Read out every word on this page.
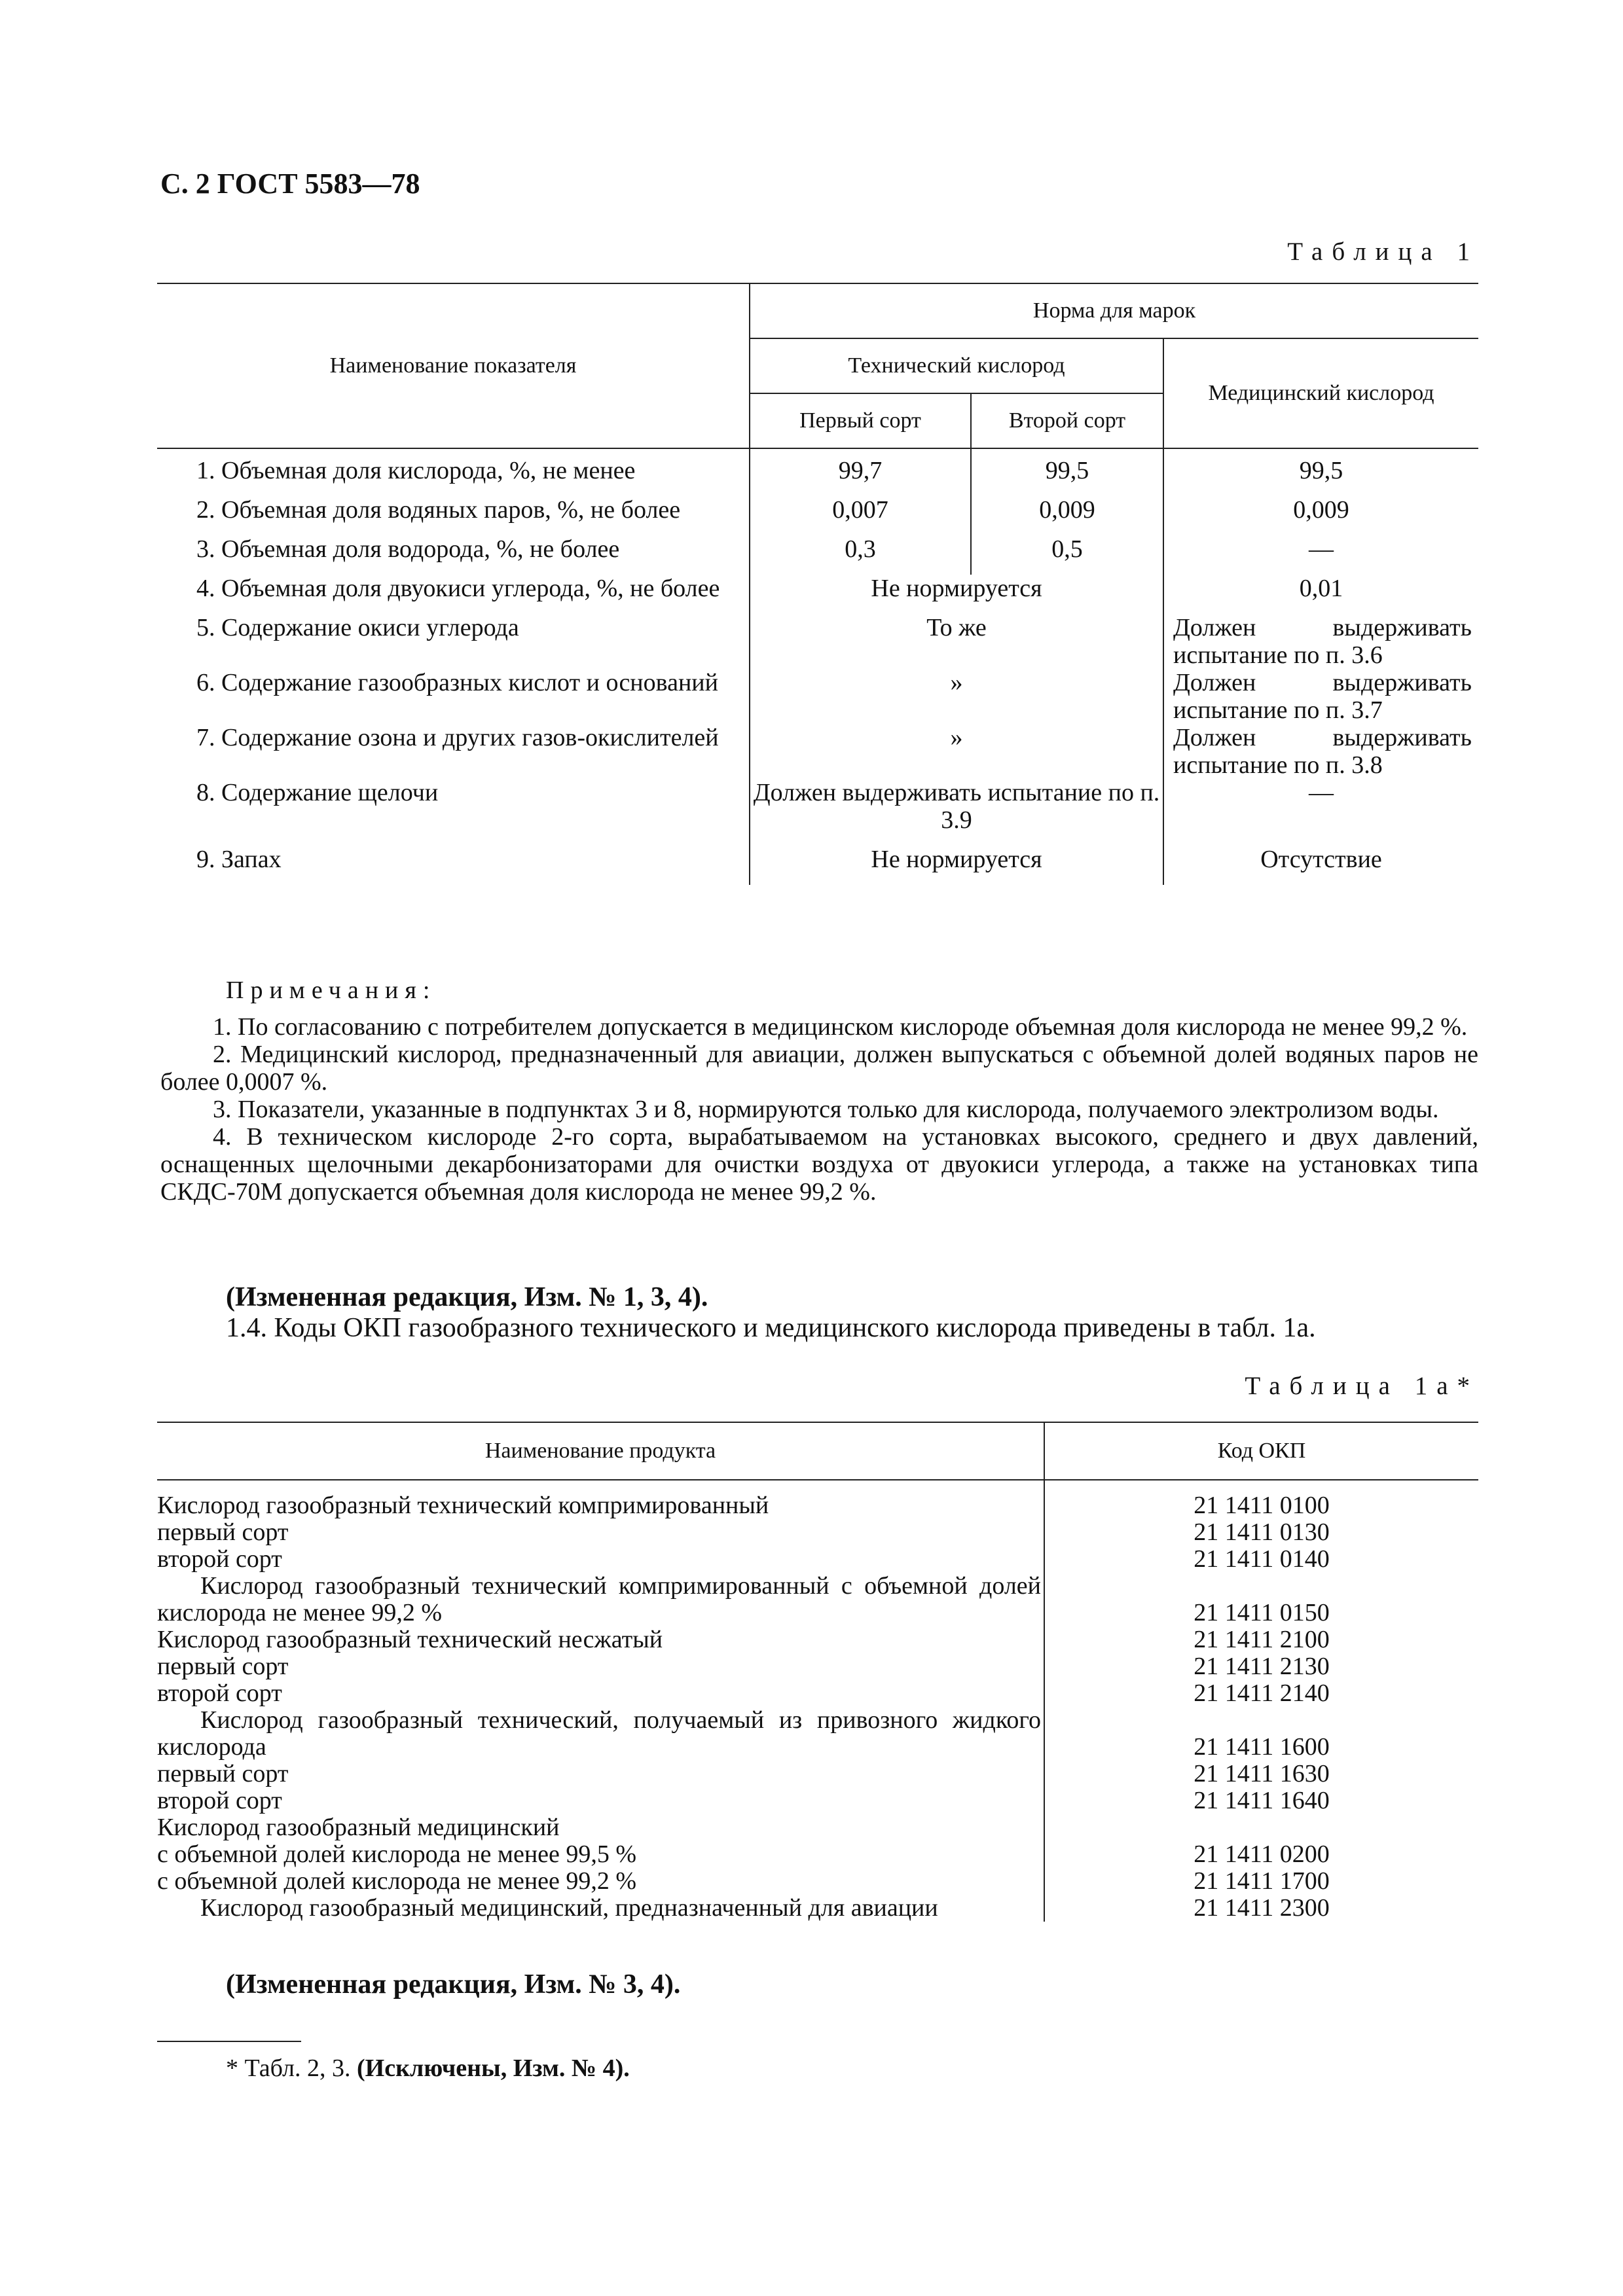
С. 2 ГОСТ 5583—78
Таблица 1
Наименование показателя	Норма для марок		
	Технический кислород		Медицинский кислород
	Первый сорт	Второй сорт	
1. Объемная доля кислорода, %, не менее	99,7	99,5	99,5
2. Объемная доля водяных паров, %, не более	0,007	0,009	0,009
3. Объемная доля водорода, %, не более	0,3	0,5	—
4. Объемная доля двуокиси углерода, %, не более	Не нормируется		0,01
5. Содержание окиси углерода	То же		Должен выдерживать испытание по п. 3.6
6. Содержание газообразных кислот и оснований	»		Должен выдерживать испытание по п. 3.7
7. Содержание озона и других газов-окислителей	»		Должен выдерживать испытание по п. 3.8
8. Содержание щелочи	Должен выдерживать испытание по п. 3.9		—
9. Запах	Не нормируется		Отсутствие
Примечания:

1. По согласованию с потребителем допускается в медицинском кислороде объемная доля кислорода не менее 99,2 %.

2. Медицинский кислород, предназначенный для авиации, должен выпускаться с объемной долей водяных паров не более 0,0007 %.

3. Показатели, указанные в подпунктах 3 и 8, нормируются только для кислорода, получаемого электролизом воды.

4. В техническом кислороде 2-го сорта, вырабатываемом на установках высокого, среднего и двух давлений, оснащенных щелочными декарбонизаторами для очистки воздуха от двуокиси углерода, а также на установках типа СКДС-70М допускается объемная доля кислорода не менее 99,2 %.

(Измененная редакция, Изм. № 1, 3, 4).
1.4. Коды ОКП газообразного технического и медицинского кислорода приведены в табл. 1а.
Таблица 1а*
Наименование продукта	Код ОКП
Кислород газообразный технический компримированный	21 1411 0100
первый сорт	21 1411 0130
второй сорт	21 1411 0140
Кислород газообразный технический компримированный с объемной долей кислорода не менее 99,2 %	21 1411 0150
Кислород газообразный технический несжатый	21 1411 2100
первый сорт	21 1411 2130
второй сорт	21 1411 2140
Кислород газообразный технический, получаемый из привозного жидкого кислорода	21 1411 1600
первый сорт	21 1411 1630
второй сорт	21 1411 1640
Кислород газообразный медицинский	
с объемной долей кислорода не менее 99,5 %	21 1411 0200
с объемной долей кислорода не менее 99,2 %	21 1411 1700
Кислород газообразный медицинский, предназначенный для авиации	21 1411 2300
(Измененная редакция, Изм. № 3, 4).
* Табл. 2, 3. (Исключены, Изм. № 4).
